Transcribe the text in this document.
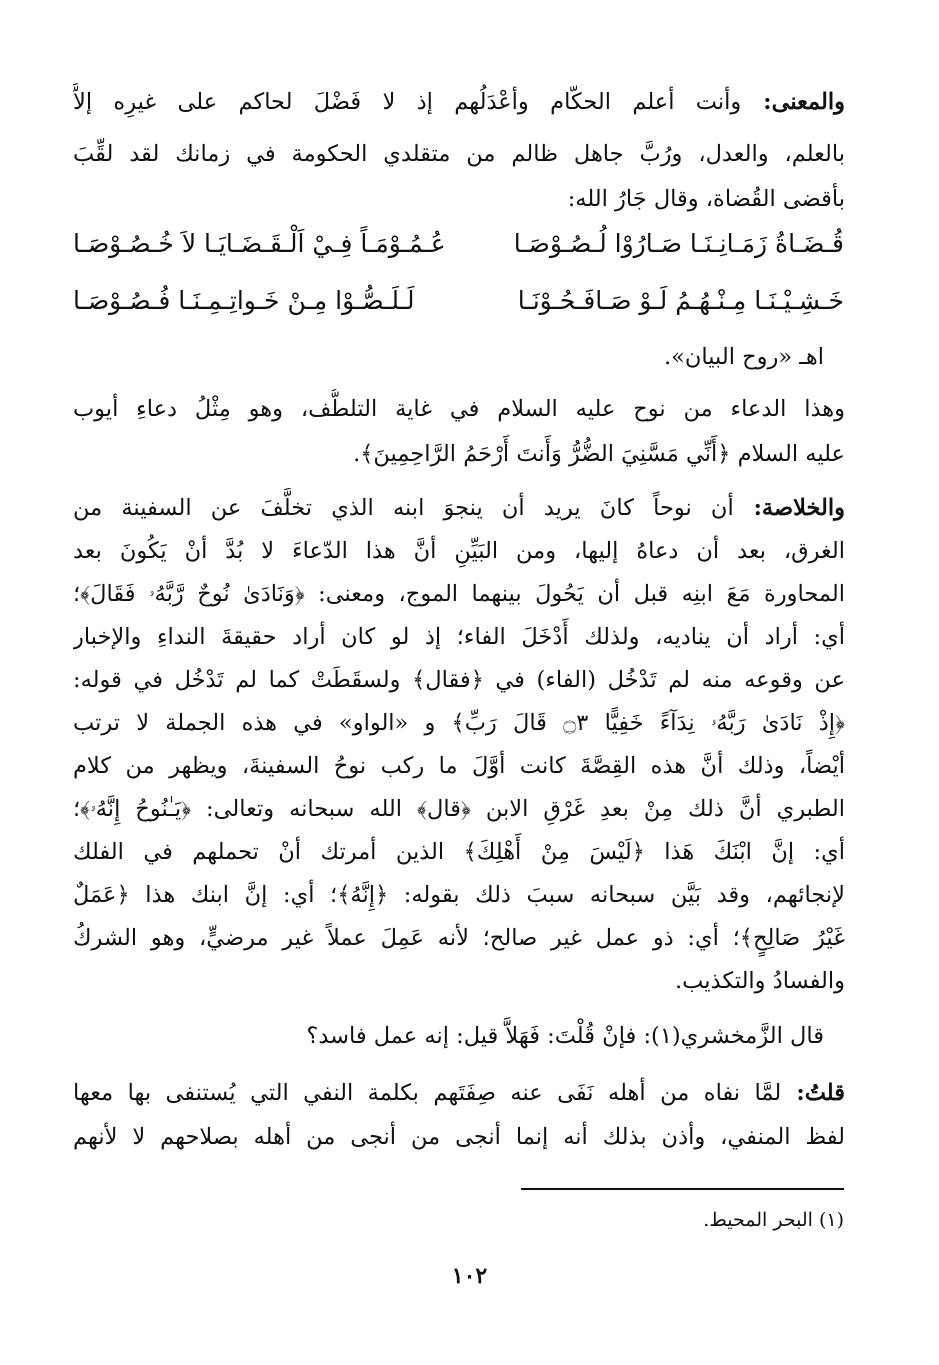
والمعنى: وأنت أعلم الحكّام وأعْدَلُهم إذ لا فَضْلَ لحاكم على غيرِه إلاَّ
بالعلم، والعدل، ورُبَّ جاهل ظالم من متقلدي الحكومة في زمانك لقد لقِّبَ
بأقضى القُضاة، وقال جَارُ الله:
قُـضَـاةُ زَمَـانِـنَـا صَـارُوْا لُـصُـوْصَـا
عُـمُـوْمَـاً فِـيْ اَلْـقَـضَـايَـا لاَ خُـصُـوْصَـا
خَـشِـيْـنَـا مِـنْـهُـمُ لَـوْ صَـافَـحُـوْنَـا
لَـلَـصُّـوْا مِـنْ خَـواتِـمِـنَـا فُـصُـوْصَـا
اهـ «روح البيان».
وهذا الدعاء من نوح عليه السلام في غاية التلطُّف، وهو مِثْلُ دعاءِ أيوب
عليه السلام ﴿أَنِّي مَسَّنِيَ الضُّرُّ وَأَنتَ أَرْحَمُ الرَّاحِمِينَ﴾.
والخلاصة: أن نوحاً كانَ يريد أن ينجوَ ابنه الذي تخلَّفَ عن السفينة من
الغرق، بعد أن دعاهُ إليها، ومن البَيِّنِ أنَّ هذا الدّعاءَ لا بُدَّ أنْ يَكُونَ بعد
المحاورة مَعَ ابنِه قبل أن يَحُولَ بينهما الموج، ومعنى: ﴿وَنَادَىٰ نُوحٌ رَّبَّهُۥ فَقَالَ﴾؛
أي: أراد أن يناديه، ولذلك أَدْخَلَ الفاء؛ إذ لو كان أراد حقيقةَ النداءِ والإخبار
عن وقوعه منه لم تَدْخُل (الفاء) في ﴿فقال﴾ ولسقَطَتْ كما لم تَدْخُل في قوله:
﴿إِذْ نَادَىٰ رَبَّهُۥ نِدَآءً خَفِيًّا ۝٣ قَالَ رَبِّ﴾ و «الواو» في هذه الجملة لا ترتب
أيْضاً، وذلك أنَّ هذه القِصَّةَ كانت أوَّلَ ما ركب نوحُ السفينةَ، ويظهر من كلام
الطبري أنَّ ذلك مِنْ بعدِ غَرْقِ الابن ﴿قال﴾ الله سبحانه وتعالى: ﴿يَـٰنُوحُ إِنَّهُۥ﴾؛
أي: إنَّ ابْنَكَ هَذا ﴿لَيْسَ مِنْ أَهْلِكَ﴾ الذين أمرتك أنْ تحملهم في الفلك
لإنجائهم، وقد بَيَّن سبحانه سببَ ذلك بقوله: ﴿إِنَّهُ﴾؛ أي: إنَّ ابنك هذا ﴿عَمَلٌ
غَيْرُ صَالِحٍ﴾؛ أي: ذو عمل غير صالح؛ لأنه عَمِلَ عملاً غير مرضيٍّ، وهو الشركُ
والفسادُ والتكذيب.
قال الزَّمخشري(١): فإنْ قُلْتَ: فَهَلاَّ قيل: إنه عمل فاسد؟
قلتُ: لمَّا نفاه من أهله نَفَى عنه صِفَتَهم بكلمة النفي التي يُستنفى بها معها
لفظ المنفي، وأذن بذلك أنه إنما أنجى من أنجى من أهله بصلاحهم لا لأنهم
(١) البحر المحيط.
١٠٢
